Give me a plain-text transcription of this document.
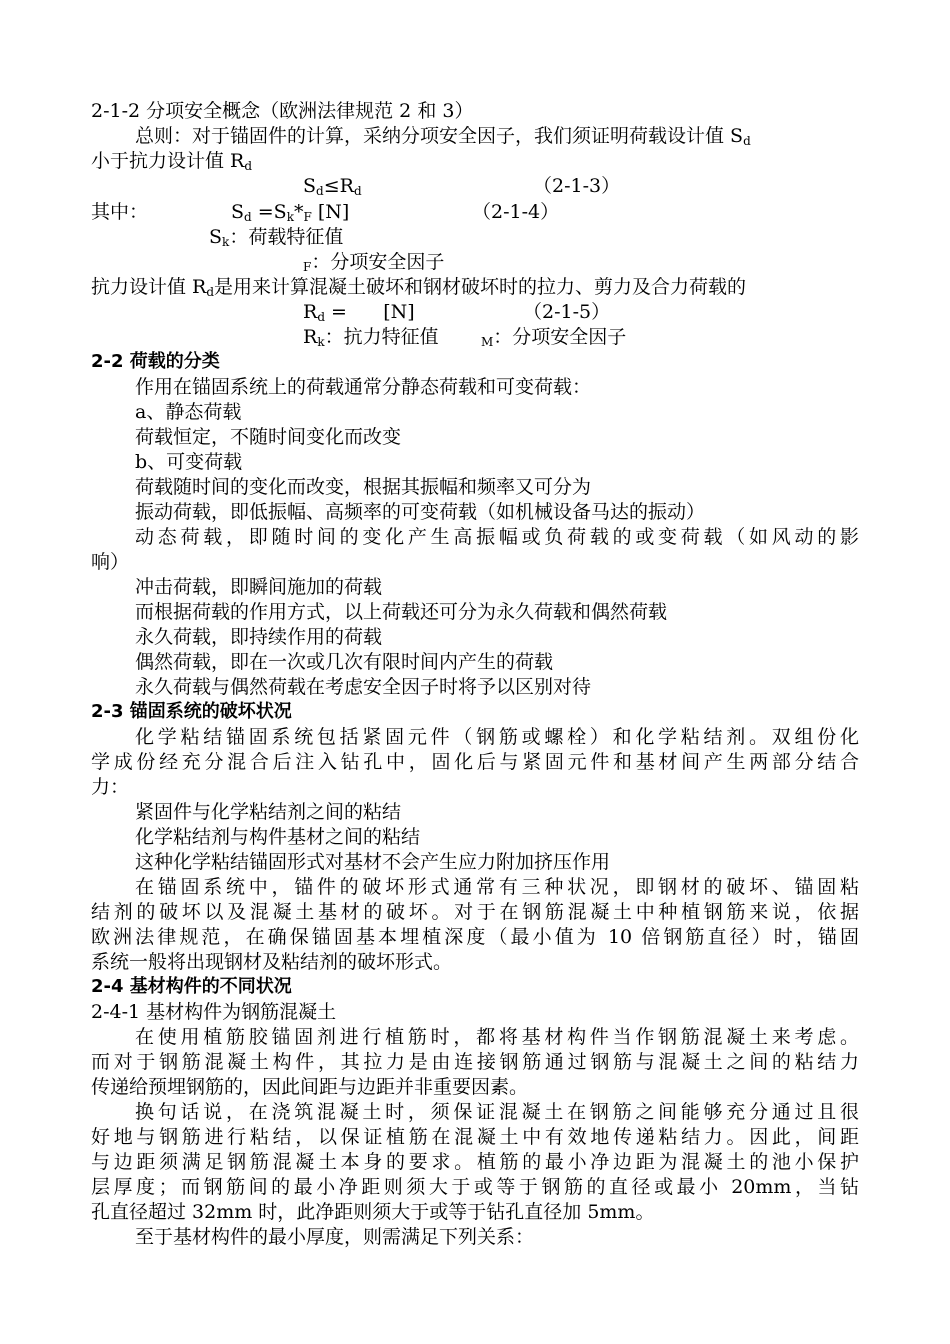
2-1-2 分项安全概念（欧洲法律规范 2 和 3）
总则：对于锚固件的计算，采纳分项安全因子，我们须证明荷载设计值 $S_d$
小于抗力设计值 $R_d$
$S_d\le R_d$	（2-1-3）
其中：	$S_d =S_k*_F$ [N]	（2-1-4）
$S_k$：荷载特征值
$_F$：分项安全因子
抗力设计值 $R_d$是用来计算混凝土破坏和钢材破坏时的拉力、剪力及合力荷载的
$R_d$ =      [N]	（2-1-5）
$R_k$：抗力特征值	$_M$：分项安全因子
2-2 荷载的分类
作用在锚固系统上的荷载通常分静态荷载和可变荷载：
a、静态荷载
荷载恒定，不随时间变化而改变
b、可变荷载
荷载随时间的变化而改变，根据其振幅和频率又可分为
振动荷载，即低振幅、高频率的可变荷载（如机械设备马达的振动）
动态荷载，即随时间的变化产生高振幅或负荷载的或变荷载（如风动的影
响）
冲击荷载，即瞬间施加的荷载
而根据荷载的作用方式，以上荷载还可分为永久荷载和偶然荷载
永久荷载，即持续作用的荷载
偶然荷载，即在一次或几次有限时间内产生的荷载
永久荷载与偶然荷载在考虑安全因子时将予以区别对待
2-3 锚固系统的破坏状况
化学粘结锚固系统包括紧固元件（钢筋或螺栓）和化学粘结剂。双组份化
学成份经充分混合后注入钻孔中，固化后与紧固元件和基材间产生两部分结合
力：
紧固件与化学粘结剂之间的粘结
化学粘结剂与构件基材之间的粘结
这种化学粘结锚固形式对基材不会产生应力附加挤压作用
在锚固系统中，锚件的破坏形式通常有三种状况，即钢材的破坏、锚固粘
结剂的破坏以及混凝土基材的破坏。对于在钢筋混凝土中种植钢筋来说，依据
欧洲法律规范，在确保锚固基本埋植深度（最小值为 10 倍钢筋直径）时，锚固
系统一般将出现钢材及粘结剂的破坏形式。
2-4 基材构件的不同状况
2-4-1 基材构件为钢筋混凝土
在使用植筋胶锚固剂进行植筋时，都将基材构件当作钢筋混凝土来考虑。
而对于钢筋混凝土构件，其拉力是由连接钢筋通过钢筋与混凝土之间的粘结力
传递给预埋钢筋的，因此间距与边距并非重要因素。
换句话说，在浇筑混凝土时，须保证混凝土在钢筋之间能够充分通过且很
好地与钢筋进行粘结，以保证植筋在混凝土中有效地传递粘结力。因此，间距
与边距须满足钢筋混凝土本身的要求。植筋的最小净边距为混凝土的池小保护
层厚度；而钢筋间的最小净距则须大于或等于钢筋的直径或最小 20mm，当钻
孔直径超过 32mm 时，此净距则须大于或等于钻孔直径加 5mm。
至于基材构件的最小厚度，则需满足下列关系：
